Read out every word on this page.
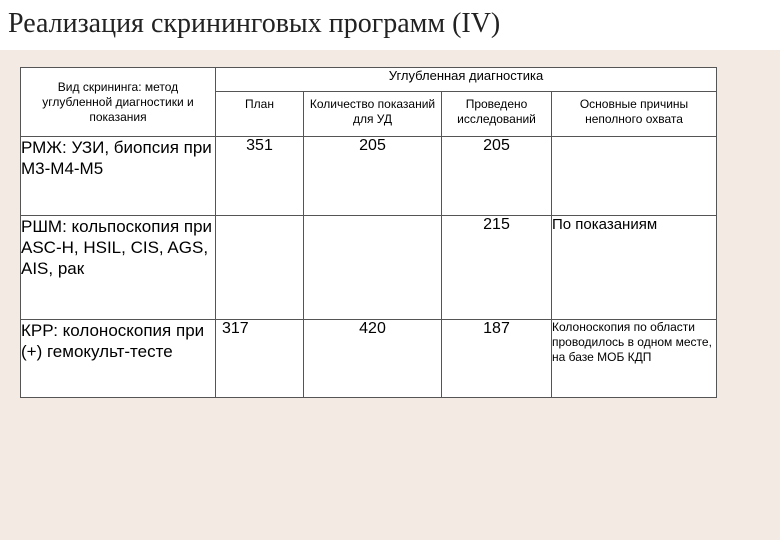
Реализация скрининговых программ (IV)
Вид скрининга: метод углубленной диагностики и показания	Углубленная диагностика			
	План	Количество показаний для УД	Проведено исследований	Основные причины неполного охвата
РМЖ: УЗИ, биопсия при М3-М4-М5	351	205	205	
РШМ: кольпоскопия при ASC-H, HSIL, CIS, AGS, AIS, рак			215	По показаниям
КРР: колоноскопия при (+) гемокульт-тесте	317	420	187	Колоноскопия по области проводилось в одном месте, на базе МОБ КДП
